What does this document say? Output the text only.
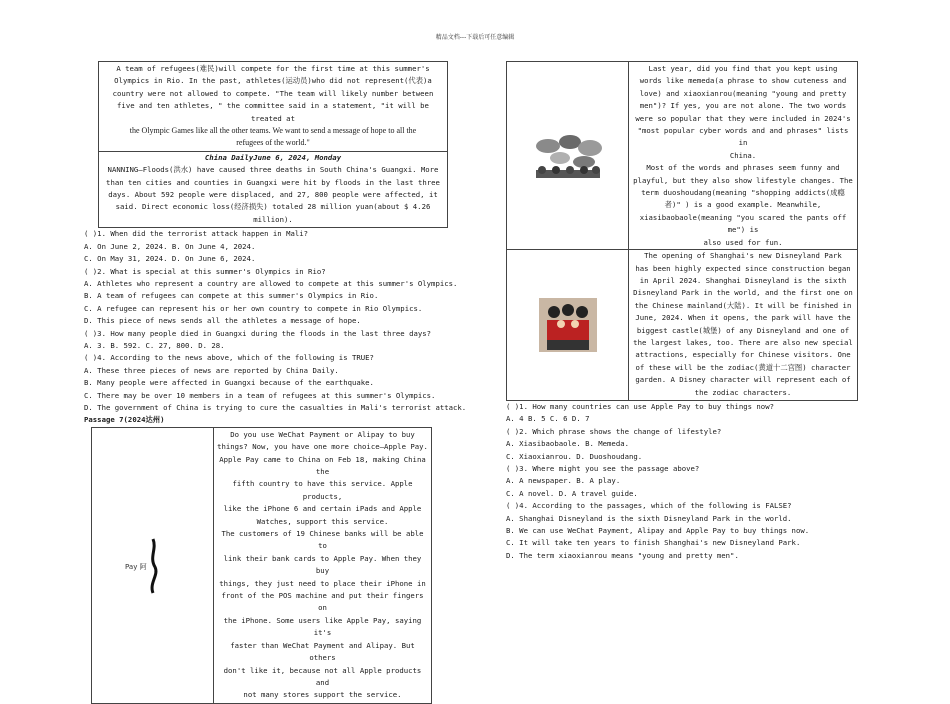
精品文档---下载后可任意编辑

A team of refugees(难民)will compete for the first time at this summer's

Olympics in Rio. In the past, athletes(运动员)who did not represent(代表)a

country were not allowed to compete. "The team will likely number between

five and ten athletes, " the committee said in a statement, "it will be treated at

the Olympic Games like all the other teams. We want to send a message of hope to all the

refugees of the world."

China DailyJune 6, 2024, Monday

NANNING—Floods(洪水) have caused three deaths in South China's Guangxi. More

than ten cities and counties in Guangxi were hit by floods in the last three

days. About 592 people were displaced, and 27, 800 people were affected, it

said. Direct economic loss(经济损失) totaled 28 million yuan(about $ 4.26

million).

( )1. When did the terrorist attack happen in Mali?

A. On June 2, 2024. B. On June 4, 2024.

C. On May 31, 2024. D. On June 6, 2024.

( )2. What is special at this summer's Olympics in Rio?

A. Athletes who represent a country are allowed to compete at this summer's Olympics.

B. A team of refugees can compete at this summer's Olympics in Rio.

C. A refugee can represent his or her own country to compete in Rio Olympics.

D. This piece of news sends all the athletes a message of hope.

( )3. How many people died in Guangxi during the floods in the last three days?

A. 3. B. 592. C. 27, 800. D. 28.

( )4. According to the news above, which of the following is TRUE?

A. These three pieces of news are reported by China Daily.

B. Many people were affected in Guangxi because of the earthquake.

C. There may be over 10 members in a team of refugees at this summer's Olympics.

D. The government of China is trying to cure the casualties in Mali's terrorist attack.

Passage 7(2024达州)

Pay 阿

Do you use WeChat Payment or Alipay to buy

things? Now, you have one more choice—Apple Pay.

Apple Pay came to China on Feb 18, making China the

fifth country to have this service. Apple products,

like the iPhone 6 and certain iPads and Apple

Watches, support this service.

The customers of 19 Chinese banks will be able to

link their bank cards to Apple Pay. When they buy

things, they just need to place their iPhone in

front of the POS machine and put their fingers on

the iPhone. Some users like Apple Pay, saying it's

faster than WeChat Payment and Alipay. But others

don't like it, because not all Apple products and

not many stores support the service.

Last year, did you find that you kept using

words like memeda(a phrase to show cuteness and

love) and xiaoxianrou(meaning "young and pretty

men")? If yes, you are not alone. The two words

were so popular that they were included in 2024's

"most popular cyber words and and phrases" lists in

China.

Most of the words and phrases seem funny and

playful, but they also show lifestyle changes. The

term duoshoudang(meaning "shopping addicts(成瘾

者)" ) is a good example. Meanwhile,

xiasibaobaole(meaning "you scared the pants off me") is

also used for fun.

The opening of Shanghai's new Disneyland Park

has been highly expected since construction began

in April 2024. Shanghai Disneyland is the sixth

Disneyland Park in the world, and the first one on

the Chinese mainland(大陆). It will be finished in

June, 2024. When it opens, the park will have the

biggest castle(城堡) of any Disneyland and one of

the largest lakes, too. There are also new special

attractions, especially for Chinese visitors. One

of these will be the zodiac(黄道十二宫图) character

garden. A Disney character will represent each of

the zodiac characters.

( )1. How many countries can use Apple Pay to buy things now?

A. 4 B. 5 C. 6 D. 7

( )2. Which phrase shows the change of lifestyle?

A. Xiasibaobaole. B. Memeda.

C. Xiaoxianrou. D. Duoshoudang.

( )3. Where might you see the passage above?

A. A newspaper. B. A play.

C. A novel. D. A travel guide.

( )4. According to the passages, which of the following is FALSE?

A. Shanghai Disneyland is the sixth Disneyland Park in the world.

B. We can use WeChat Payment, Alipay and Apple Pay to buy things now.

C. It will take ten years to finish Shanghai's new Disneyland Park.

D. The term xiaoxianrou means "young and pretty men".
